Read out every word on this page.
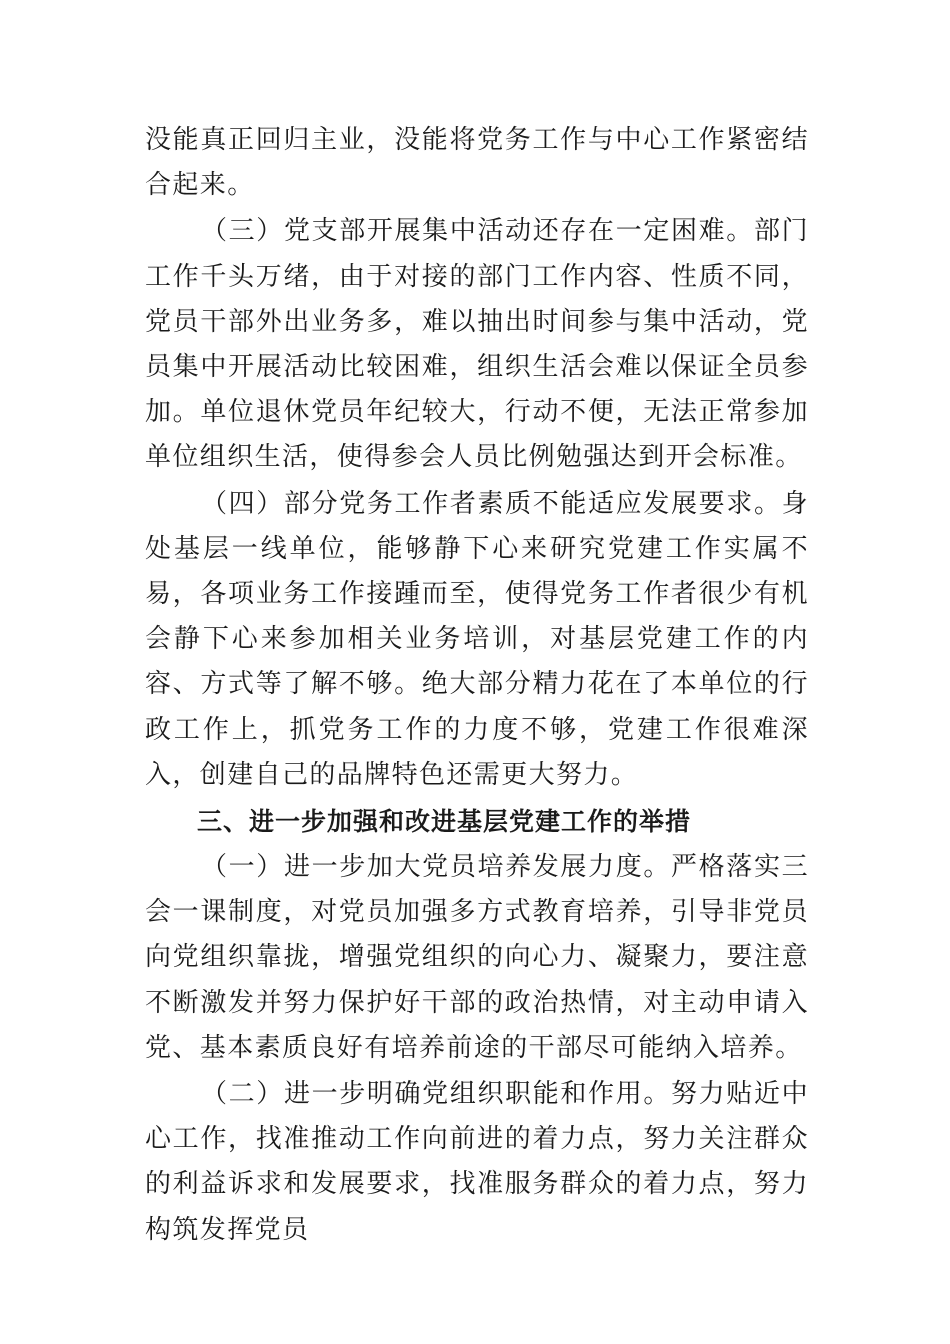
没能真正回归主业，没能将党务工作与中心工作紧密结合起来。

（三）党支部开展集中活动还存在一定困难。部门工作千头万绪，由于对接的部门工作内容、性质不同，党员干部外出业务多，难以抽出时间参与集中活动，党员集中开展活动比较困难，组织生活会难以保证全员参加。单位退休党员年纪较大，行动不便，无法正常参加单位组织生活，使得参会人员比例勉强达到开会标准。

（四）部分党务工作者素质不能适应发展要求。身处基层一线单位，能够静下心来研究党建工作实属不易，各项业务工作接踵而至，使得党务工作者很少有机会静下心来参加相关业务培训，对基层党建工作的内容、方式等了解不够。绝大部分精力花在了本单位的行政工作上，抓党务工作的力度不够，党建工作很难深入，创建自己的品牌特色还需更大努力。

三、进一步加强和改进基层党建工作的举措

（一）进一步加大党员培养发展力度。严格落实三会一课制度，对党员加强多方式教育培养，引导非党员向党组织靠拢，增强党组织的向心力、凝聚力，要注意不断激发并努力保护好干部的政治热情，对主动申请入党、基本素质良好有培养前途的干部尽可能纳入培养。

（二）进一步明确党组织职能和作用。努力贴近中心工作，找准推动工作向前进的着力点，努力关注群众的利益诉求和发展要求，找准服务群众的着力点，努力构筑发挥党员
